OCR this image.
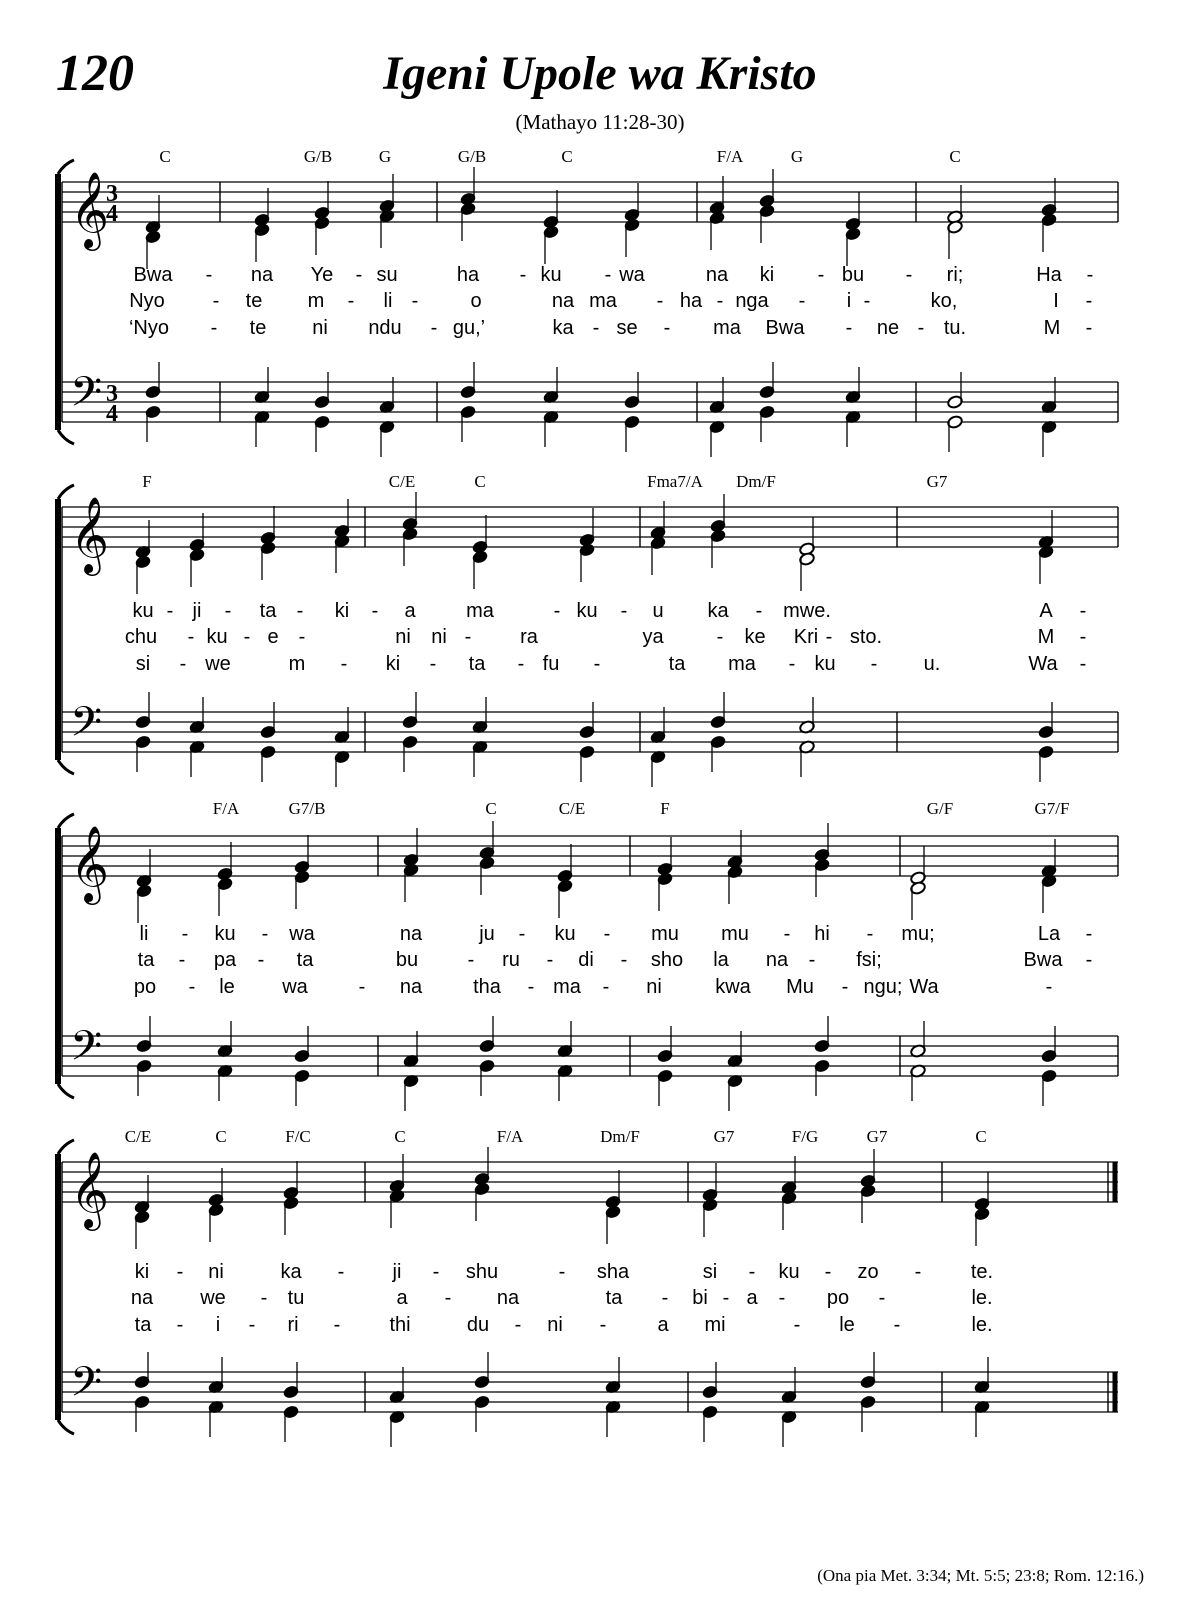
120	Igeni Upole wa Kristo
(Mathayo 11:28-30)
𝄞
𝄢
3
4
3
4
C	G/B	G	G/B	C	F/A	G	C
Bwa - na Ye - su	ha - ku - wa	na ki - bu - ri;	Ha -
Nyo - te m - li -	o	na ma - ha - nga - i -	ko,	I -
‘Nyo - te ni ndu - gu,’	ka - se - ma Bwa - ne - tu.	M -
𝄞
𝄢
F	C/E	C	Fma7/A Dm/F	G7
ku - ji - ta - ki - a	ma	- ku - u ka - mwe.	A -
chu - ku - e -	ni ni - ra	ya	- ke Kri - sto.	M -
si - we	m - ki - ta - fu -	ta ma - ku - u.	Wa -
𝄞
𝄢
F/A	G7/B	C	C/E	F	G/F	G7/F
li - ku - wa	na	ju - ku - mu mu - hi - mu;	La -
ta - pa - ta	bu - ru - di - sho la na - fsi;	Bwa -
po - le wa	- na	tha - ma - ni	kwa Mu - ngu; Wa	-
𝄞
𝄢
C/E	C	F/C	C	F/A	Dm/F	G7	F/G	G7	C
ki - ni	ka - ji - shu	- sha	si - ku - zo - te.
na we - tu	a - na	ta - bi - a - po -	le.
ta - i - ri - thi	du - ni -	a mi	- le -	le.
(Ona pia Met. 3:34; Mt. 5:5; 23:8; Rom. 12:16.)
